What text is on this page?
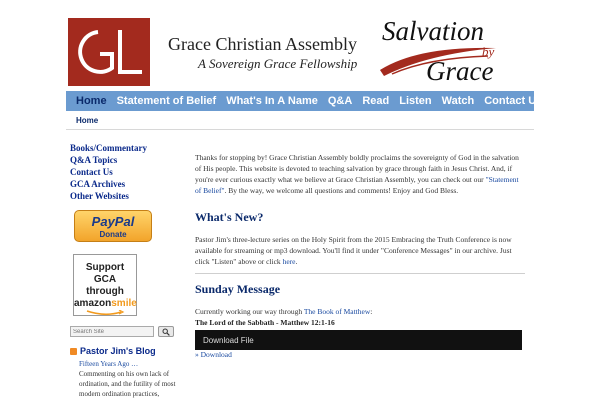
Grace Christian Assembly
A Sovereign Grace Fellowship
Salvation
by
Grace
Home Statement of Belief What's In A Name Q&A Read Listen Watch Contact Us
Home
Books/Commentary
Q&A Topics
Contact Us
GCA Archives
Other Websites
PayPal
Donate
Support GCA
through
amazonsmile
Search Site
Pastor Jim's Blog
Fifteen Years Ago …
Commenting on his own lack of ordination, and the futility of most modern ordination practices,

Thanks for stopping by! Grace Christian Assembly boldly proclaims the sovereignty of God in the salvation of His people. This website is devoted to teaching salvation by grace through faith in Jesus Christ. And, if you're ever curious exactly what we believe at Grace Christian Assembly, you can check out our "Statement of Belief". By the way, we welcome all questions and comments! Enjoy and God Bless.

What's New?

Pastor Jim's three-lecture series on the Holy Spirit from the 2015 Embracing the Truth Conference is now available for streaming or mp3 download. You'll find it under "Conference Messages" in our archive. Just click "Listen" above or click here.

Sunday Message

Currently working our way through The Book of Matthew:

The Lord of the Sabbath - Matthew 12:1-16
Download File
» Download
